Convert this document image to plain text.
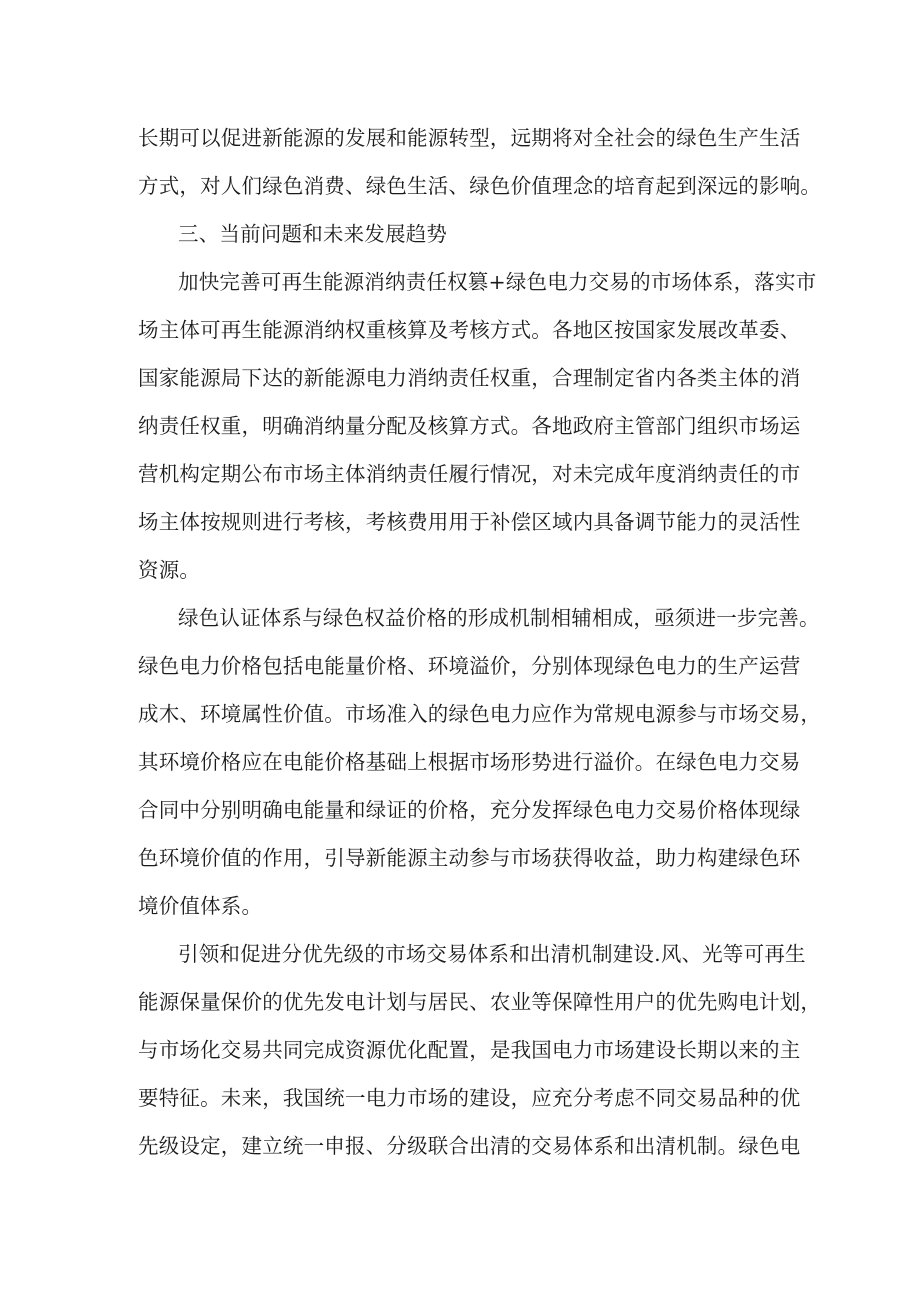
长期可以促进新能源的发展和能源转型，远期将对全社会的绿色生产生活
方式，对人们绿色消费、绿色生活、绿色价值理念的培育起到深远的影响。
三、当前问题和未来发展趋势
加快完善可再生能源消纳责任权篡+绿色电力交易的市场体系，落实市
场主体可再生能源消纳权重核算及考核方式。各地区按国家发展改革委、
国家能源局下达的新能源电力消纳责任权重，合理制定省内各类主体的消
纳责任权重，明确消纳量分配及核算方式。各地政府主管部门组织市场运
营机构定期公布市场主体消纳责任履行情况，对未完成年度消纳责任的市
场主体按规则进行考核，考核费用用于补偿区域内具备调节能力的灵活性
资源。
绿色认证体系与绿色权益价格的形成机制相辅相成，亟须进一步完善。
绿色电力价格包括电能量价格、环境溢价，分别体现绿色电力的生产运营
成木、环境属性价值。市场准入的绿色电力应作为常规电源参与市场交易，
其环境价格应在电能价格基础上根据市场形势进行溢价。在绿色电力交易
合同中分别明确电能量和绿证的价格，充分发挥绿色电力交易价格体现绿
色环境价值的作用，引导新能源主动参与市场获得收益，助力构建绿色环
境价值体系。
引领和促进分优先级的市场交易体系和出清机制建设.风、光等可再生
能源保量保价的优先发电计划与居民、农业等保障性用户的优先购电计划，
与市场化交易共同完成资源优化配置，是我国电力市场建设长期以来的主
要特征。未来，我国统一电力市场的建设，应充分考虑不同交易品种的优
先级设定，建立统一申报、分级联合出清的交易体系和出清机制。绿色电
